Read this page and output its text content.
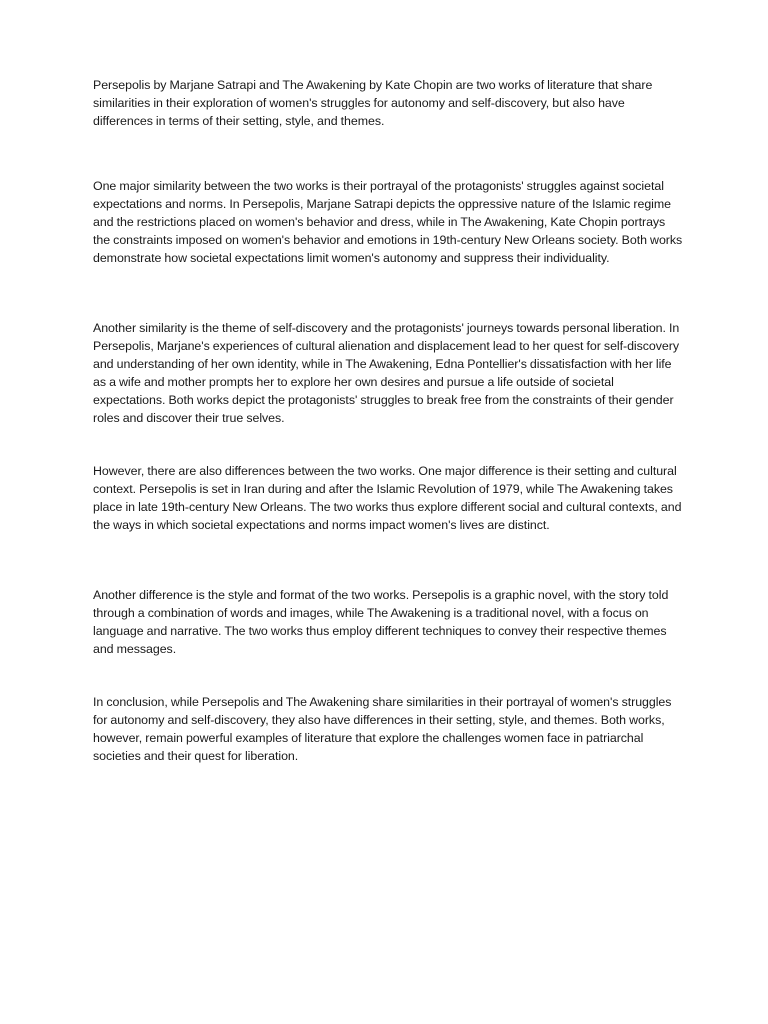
Persepolis by Marjane Satrapi and The Awakening by Kate Chopin are two works of literature that share similarities in their exploration of women's struggles for autonomy and self-discovery, but also have differences in terms of their setting, style, and themes.

One major similarity between the two works is their portrayal of the protagonists' struggles against societal expectations and norms. In Persepolis, Marjane Satrapi depicts the oppressive nature of the Islamic regime and the restrictions placed on women's behavior and dress, while in The Awakening, Kate Chopin portrays the constraints imposed on women's behavior and emotions in 19th-century New Orleans society. Both works demonstrate how societal expectations limit women's autonomy and suppress their individuality.

Another similarity is the theme of self-discovery and the protagonists' journeys towards personal liberation. In Persepolis, Marjane's experiences of cultural alienation and displacement lead to her quest for self-discovery and understanding of her own identity, while in The Awakening, Edna Pontellier's dissatisfaction with her life as a wife and mother prompts her to explore her own desires and pursue a life outside of societal expectations. Both works depict the protagonists' struggles to break free from the constraints of their gender roles and discover their true selves.

However, there are also differences between the two works. One major difference is their setting and cultural context. Persepolis is set in Iran during and after the Islamic Revolution of 1979, while The Awakening takes place in late 19th-century New Orleans. The two works thus explore different social and cultural contexts, and the ways in which societal expectations and norms impact women's lives are distinct.

Another difference is the style and format of the two works. Persepolis is a graphic novel, with the story told through a combination of words and images, while The Awakening is a traditional novel, with a focus on language and narrative. The two works thus employ different techniques to convey their respective themes and messages.

In conclusion, while Persepolis and The Awakening share similarities in their portrayal of women's struggles for autonomy and self-discovery, they also have differences in their setting, style, and themes. Both works, however, remain powerful examples of literature that explore the challenges women face in patriarchal societies and their quest for liberation.
